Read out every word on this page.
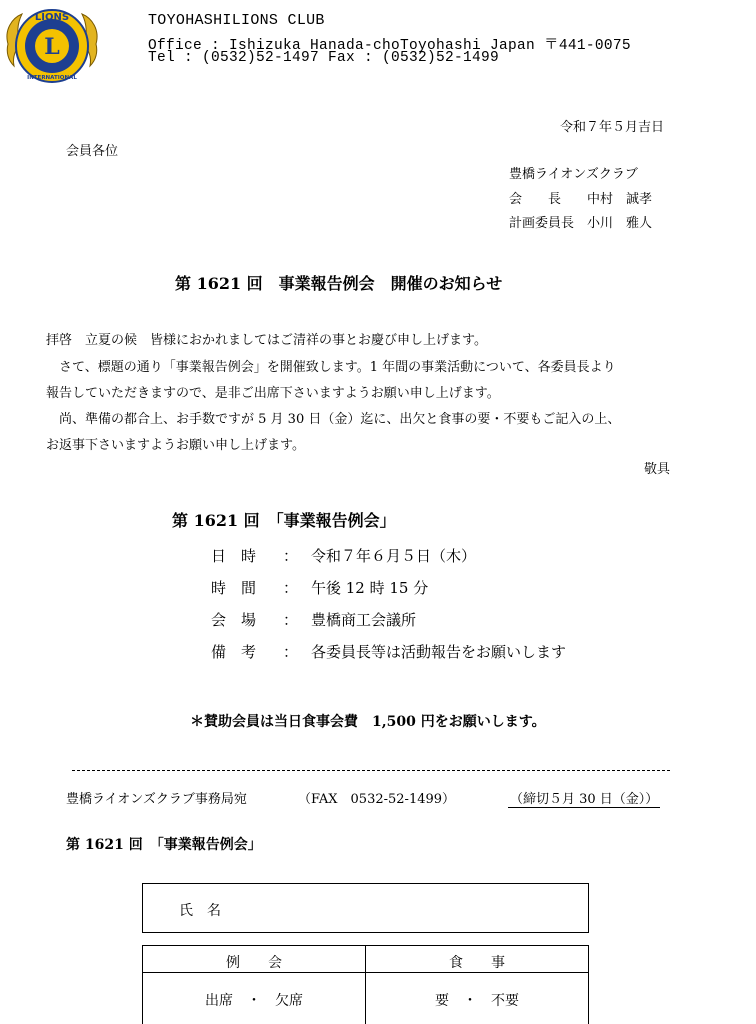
L
LIONS
INTERNATIONAL
TOYOHASHILIONS CLUB
Office : Ishizuka Hanada-choToyohashi Japan 〒441-0075
Tel : (0532)52-1497 Fax : (0532)52-1499
令和７年５月吉日
会員各位
豊橋ライオンズクラブ
会　　長　　中村　誠孝
計画委員長　小川　雅人
第 1621 回　事業報告例会　開催のお知らせ
拝啓　立夏の候　皆様におかれましてはご清祥の事とお慶び申し上げます。
　さて、標題の通り「事業報告例会」を開催致します。1 年間の事業活動について、各委員長より
報告していただきますので、是非ご出席下さいますようお願い申し上げます。
　尚、準備の都合上、お手数ですが 5 月 30 日（金）迄に、出欠と食事の要・不要もご記入の上、
お返事下さいますようお願い申し上げます。
敬具
第 1621 回　「事業報告例会」
日時 ： 令和７年６月５日（木）
時間 ： 午後 12 時 15 分
会場 ： 豊橋商工会議所
備考 ： 各委員長等は活動報告をお願いします
＊賛助会員は当日食事会費　1,500 円をお願いします。
豊橋ライオンズクラブ事務局宛	（FAX　0532-52-1499）	（締切５月 30 日（金））
第 1621 回　「事業報告例会」
氏　名
例　　会	食　　事
出席　・　欠席	要　・　不要
